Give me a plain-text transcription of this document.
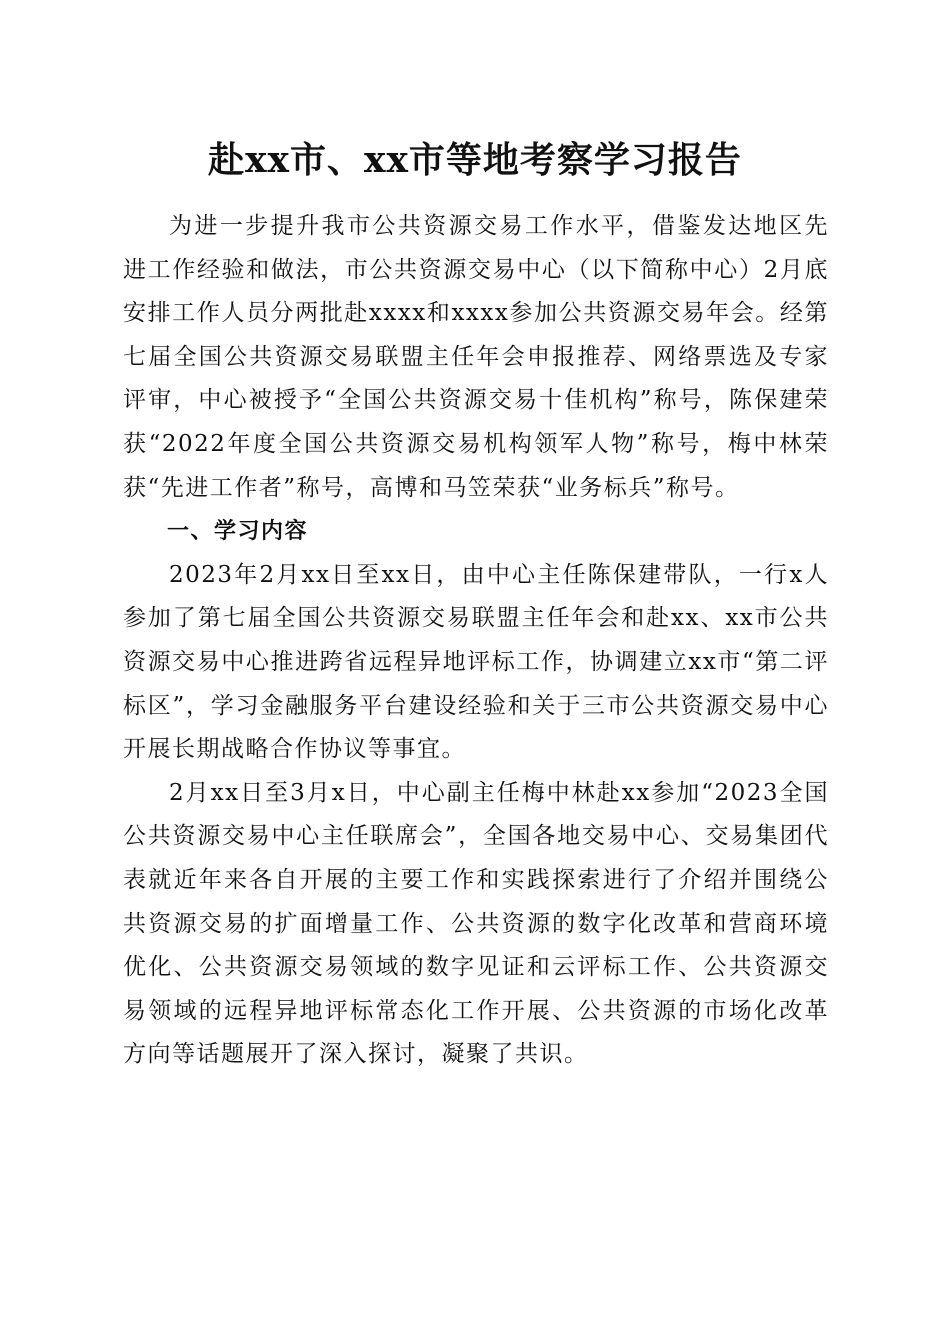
赴xx市、xx市等地考察学习报告

为进一步提升我市公共资源交易工作水平，借鉴发达地区先进工作经验和做法，市公共资源交易中心（以下简称中心）2月底安排工作人员分两批赴xxxx和xxxx参加公共资源交易年会。经第七届全国公共资源交易联盟主任年会申报推荐、网络票选及专家评审，中心被授予“全国公共资源交易十佳机构”称号，陈保建荣获“2022年度全国公共资源交易机构领军人物”称号，梅中林荣获“先进工作者”称号，高博和马笠荣获“业务标兵”称号。

一、学习内容

2023年2月xx日至xx日，由中心主任陈保建带队，一行x人参加了第七届全国公共资源交易联盟主任年会和赴xx、xx市公共资源交易中心推进跨省远程异地评标工作，协调建立xx市“第二评标区”，学习金融服务平台建设经验和关于三市公共资源交易中心开展长期战略合作协议等事宜。

2月xx日至3月x日，中心副主任梅中林赴xx参加“2023全国公共资源交易中心主任联席会”，全国各地交易中心、交易集团代表就近年来各自开展的主要工作和实践探索进行了介绍并围绕公共资源交易的扩面增量工作、公共资源的数字化改革和营商环境优化、公共资源交易领域的数字见证和云评标工作、公共资源交易领域的远程异地评标常态化工作开展、公共资源的市场化改革方向等话题展开了深入探讨，凝聚了共识。
